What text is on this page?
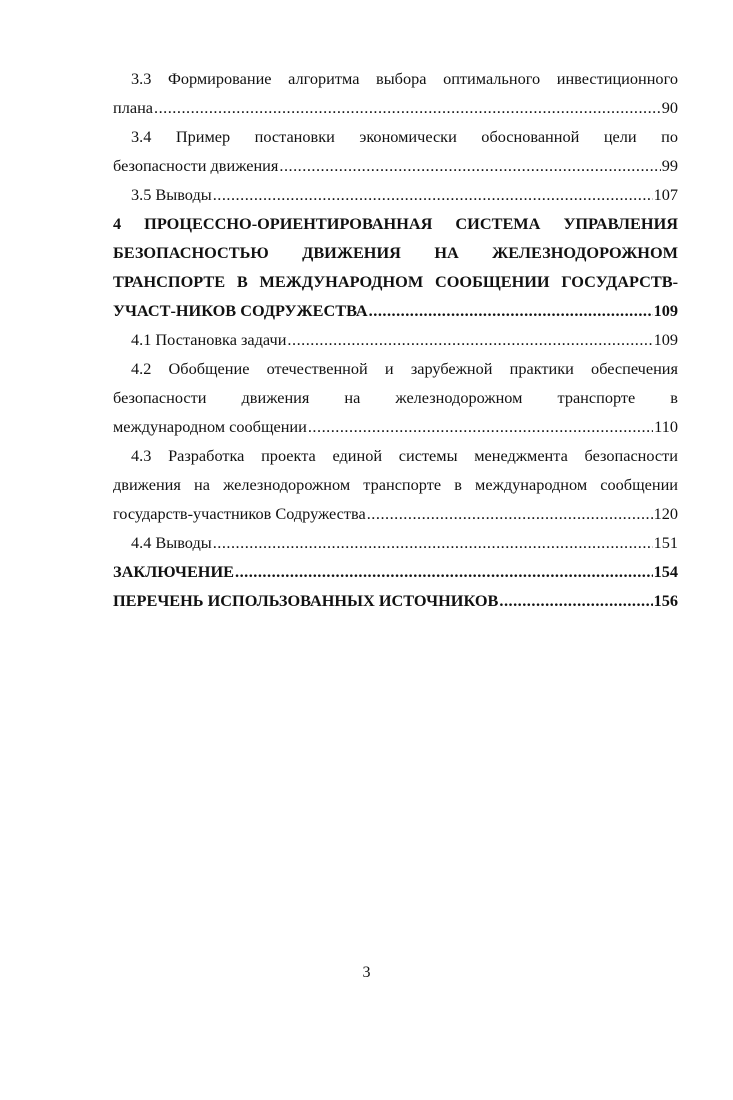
3.3 Формирование алгоритма выбора оптимального инвестиционного
плана .....	90
3.4 Пример постановки экономически обоснованной цели по
безопасности движения .....	99
3.5 Выводы .....	107
4 ПРОЦЕССНО-ОРИЕНТИРОВАННАЯ СИСТЕМА УПРАВЛЕНИЯ
БЕЗОПАСНОСТЬЮ ДВИЖЕНИЯ НА ЖЕЛЕЗНОДОРОЖНОМ
ТРАНСПОРТЕ В МЕЖДУНАРОДНОМ СООБЩЕНИИ ГОСУДАРСТВ-
УЧАСТ-НИКОВ СОДРУЖЕСТВА .....	109
4.1 Постановка задачи .....	109
4.2 Обобщение отечественной и зарубежной практики обеспечения
безопасности движения на железнодорожном транспорте в
международном сообщении .....	110
4.3 Разработка проекта единой системы менеджмента безопасности
движения на железнодорожном транспорте в международном сообщении
государств-участников Содружества .....	120
4.4 Выводы .....	151
ЗАКЛЮЧЕНИЕ .....	154
ПЕРЕЧЕНЬ ИСПОЛЬЗОВАННЫХ ИСТОЧНИКОВ .....	156
3
